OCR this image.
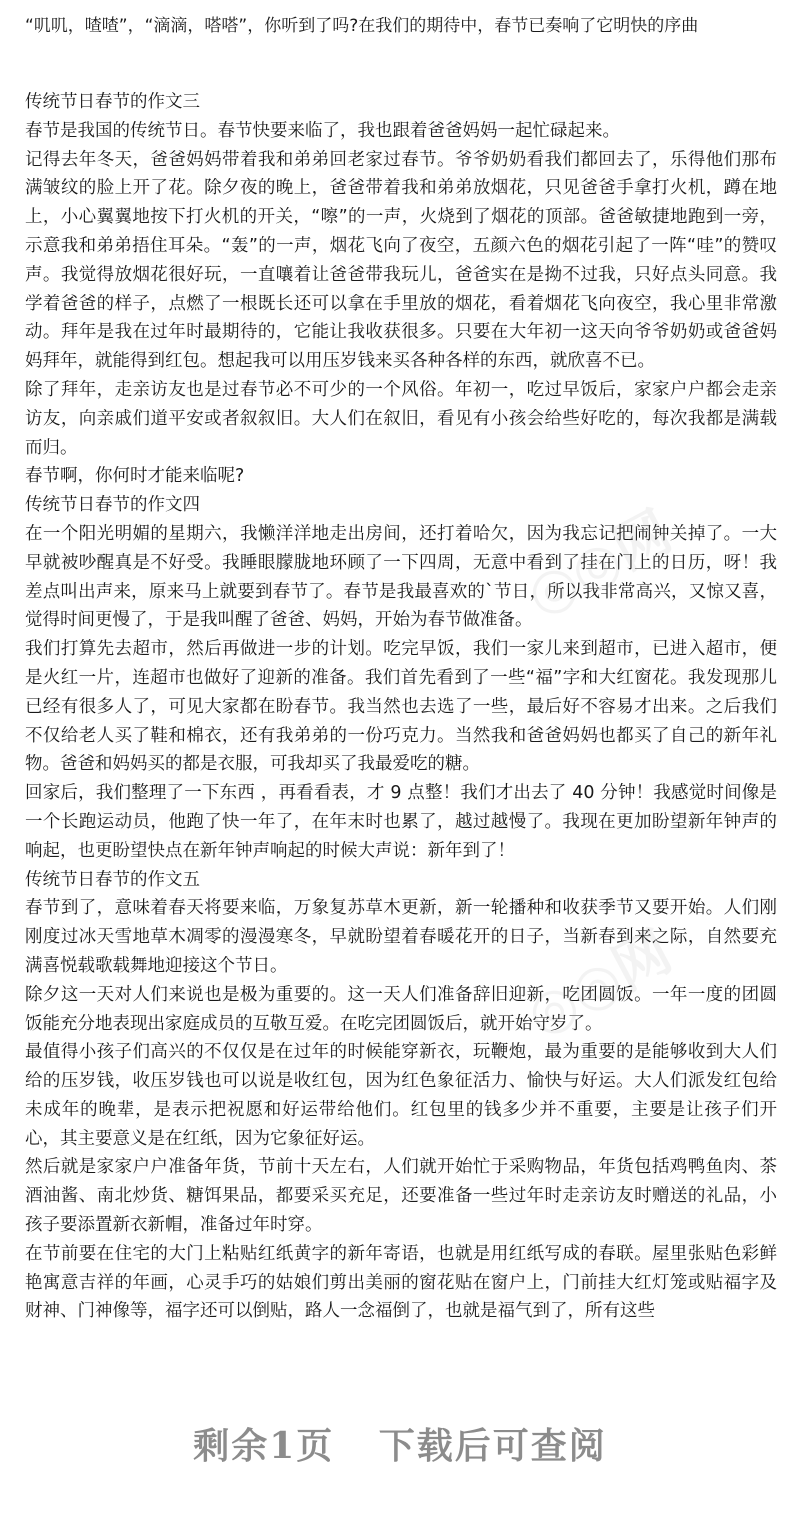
“叽叽，喳喳”，“滴滴，嗒嗒”，你听到了吗?在我们的期待中，春节已奏响了它明快的序曲

传统节日春节的作文三

春节是我国的传统节日。春节快要来临了，我也跟着爸爸妈妈一起忙碌起来。

记得去年冬天，爸爸妈妈带着我和弟弟回老家过春节。爷爷奶奶看我们都回去了，乐得他们那布满皱纹的脸上开了花。除夕夜的晚上，爸爸带着我和弟弟放烟花，只见爸爸手拿打火机，蹲在地上，小心翼翼地按下打火机的开关，“嚓”的一声，火烧到了烟花的顶部。爸爸敏捷地跑到一旁，示意我和弟弟捂住耳朵。“轰”的一声，烟花飞向了夜空，五颜六色的烟花引起了一阵“哇”的赞叹声。我觉得放烟花很好玩，一直嚷着让爸爸带我玩儿，爸爸实在是拗不过我，只好点头同意。我学着爸爸的样子，点燃了一根既长还可以拿在手里放的烟花，看着烟花飞向夜空，我心里非常激动。拜年是我在过年时最期待的，它能让我收获很多。只要在大年初一这天向爷爷奶奶或爸爸妈妈拜年，就能得到红包。想起我可以用压岁钱来买各种各样的东西，就欣喜不已。

除了拜年，走亲访友也是过春节必不可少的一个风俗。年初一，吃过早饭后，家家户户都会走亲访友，向亲戚们道平安或者叙叙旧。大人们在叙旧，看见有小孩会给些好吃的，每次我都是满载而归。

春节啊，你何时才能来临呢?

传统节日春节的作文四

在一个阳光明媚的星期六，我懒洋洋地走出房间，还打着哈欠，因为我忘记把闹钟关掉了。一大早就被吵醒真是不好受。我睡眼朦胧地环顾了一下四周，无意中看到了挂在门上的日历，呀！我差点叫出声来，原来马上就要到春节了。春节是我最喜欢的`节日，所以我非常高兴，又惊又喜，觉得时间更慢了，于是我叫醒了爸爸、妈妈，开始为春节做准备。

我们打算先去超市，然后再做进一步的计划。吃完早饭，我们一家儿来到超市，已进入超市，便是火红一片，连超市也做好了迎新的准备。我们首先看到了一些“福”字和大红窗花。我发现那儿已经有很多人了，可见大家都在盼春节。我当然也去选了一些，最后好不容易才出来。之后我们不仅给老人买了鞋和棉衣，还有我弟弟的一份巧克力。当然我和爸爸妈妈也都买了自己的新年礼物。爸爸和妈妈买的都是衣服，可我却买了我最爱吃的糖。

回家后，我们整理了一下东西 ，再看看表，才 9 点整！我们才出去了 40 分钟！我感觉时间像是一个长跑运动员，他跑了快一年了，在年末时也累了，越过越慢了。我现在更加盼望新年钟声的响起，也更盼望快点在新年钟声响起的时候大声说：新年到了！

传统节日春节的作文五

春节到了，意味着春天将要来临，万象复苏草木更新，新一轮播种和收获季节又要开始。人们刚刚度过冰天雪地草木凋零的漫漫寒冬，早就盼望着春暖花开的日子，当新春到来之际，自然要充满喜悦载歌载舞地迎接这个节日。

除夕这一天对人们来说也是极为重要的。这一天人们准备辞旧迎新，吃团圆饭。一年一度的团圆饭能充分地表现出家庭成员的互敬互爱。在吃完团圆饭后，就开始守岁了。

最值得小孩子们高兴的不仅仅是在过年的时候能穿新衣，玩鞭炮，最为重要的是能够收到大人们给的压岁钱，收压岁钱也可以说是收红包，因为红色象征活力、愉快与好运。大人们派发红包给未成年的晚辈，是表示把祝愿和好运带给他们。红包里的钱多少并不重要，主要是让孩子们开心，其主要意义是在红纸，因为它象征好运。

然后就是家家户户准备年货，节前十天左右，人们就开始忙于采购物品，年货包括鸡鸭鱼肉、茶酒油酱、南北炒货、糖饵果品，都要采买充足，还要准备一些过年时走亲访友时赠送的礼品，小孩子要添置新衣新帽，准备过年时穿。

在节前要在住宅的大门上粘贴红纸黄字的新年寄语，也就是用红纸写成的春联。屋里张贴色彩鲜艳寓意吉祥的年画，心灵手巧的姑娘们剪出美丽的窗花贴在窗户上，门前挂大红灯笼或贴福字及财神、门神像等，福字还可以倒贴，路人一念福倒了，也就是福气到了，所有这些

◎◎网
◎◎网
剩余1页 下载后可查阅
